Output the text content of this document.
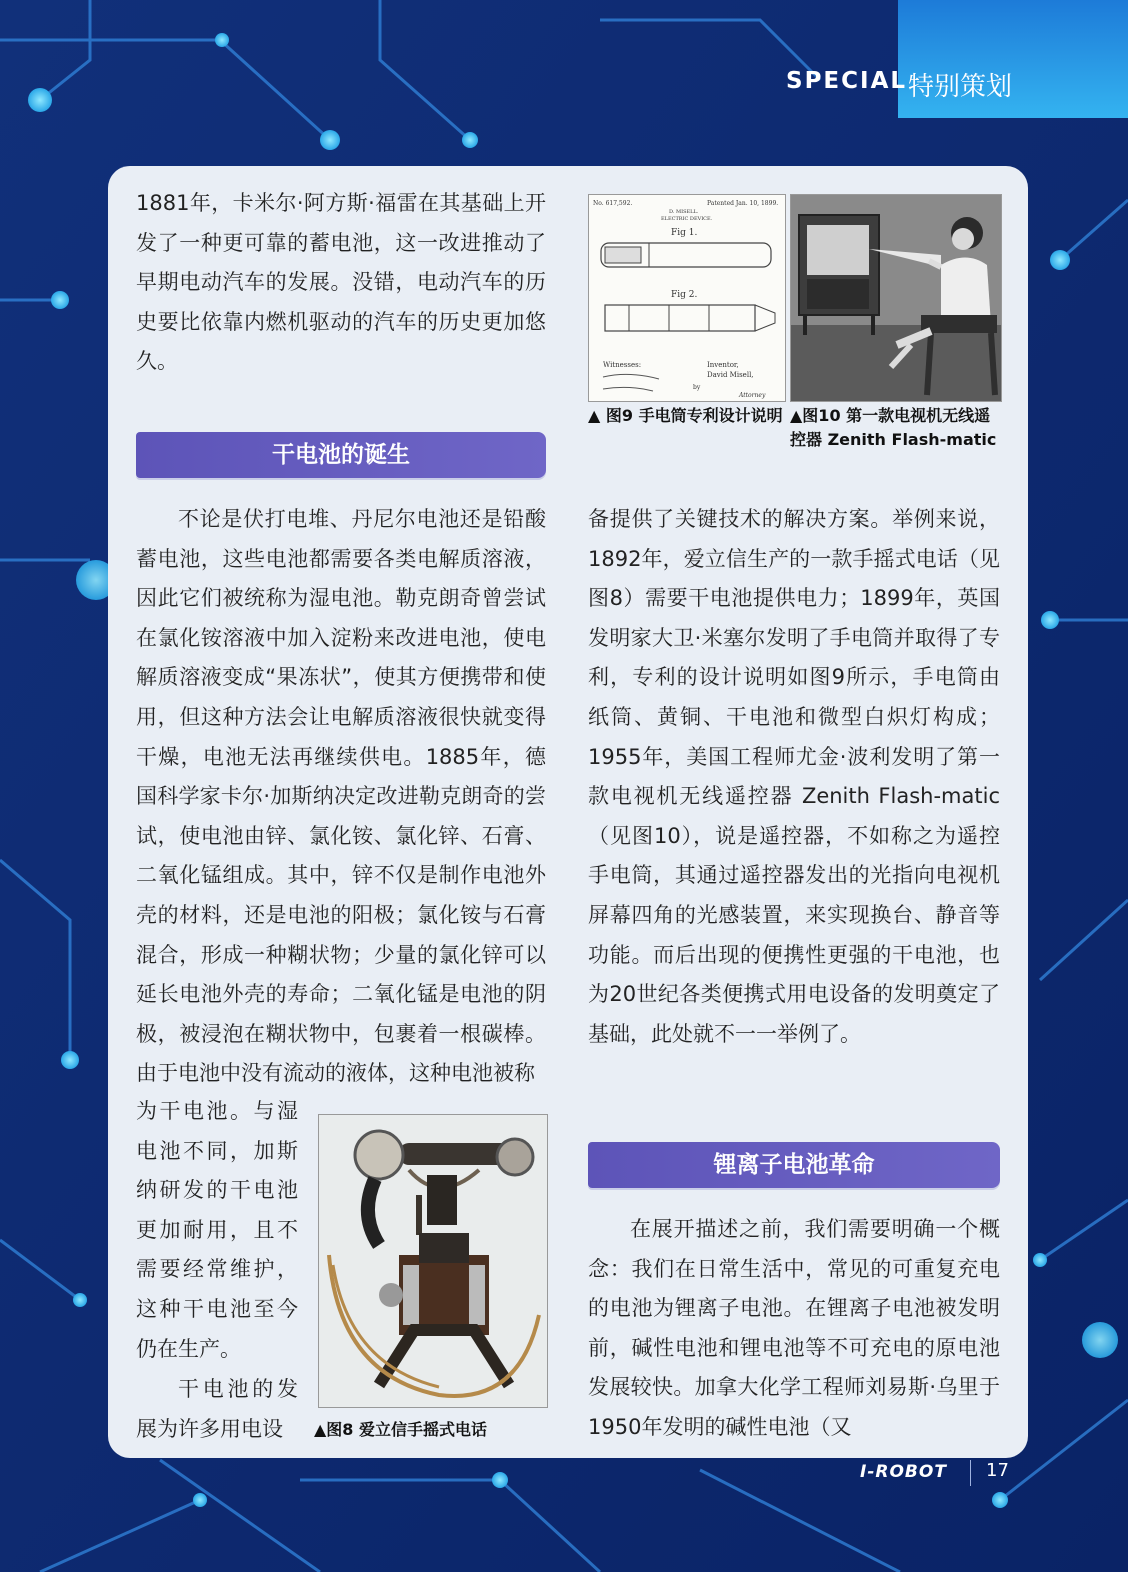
SPECIAL 特别策划

1881年，卡米尔·阿方斯·福雷在其基础上开发了一种更可靠的蓄电池，这一改进推动了早期电动汽车的发展。没错，电动汽车的历史要比依靠内燃机驱动的汽车的历史更加悠久。

干电池的诞生

不论是伏打电堆、丹尼尔电池还是铅酸蓄电池，这些电池都需要各类电解质溶液，因此它们被统称为湿电池。勒克朗奇曾尝试在氯化铵溶液中加入淀粉来改进电池，使电解质溶液变成“果冻状”，使其方便携带和使用，但这种方法会让电解质溶液很快就变得干燥，电池无法再继续供电。1885年，德国科学家卡尔·加斯纳决定改进勒克朗奇的尝试，使电池由锌、氯化铵、氯化锌、石膏、二氧化锰组成。其中，锌不仅是制作电池外壳的材料，还是电池的阳极；氯化铵与石膏混合，形成一种糊状物；少量的氯化锌可以延长电池外壳的寿命；二氧化锰是电池的阴极，被浸泡在糊状物中，包裹着一根碳棒。由于电池中没有流动的液体，这种电池被称

为干电池。与湿电池不同，加斯纳研发的干电池更加耐用，且不需要经常维护，这种干电池至今仍在生产。

干电池的发展为许多用电设	▲图8 爱立信手摇式电话
No. 617,592.	Patented Jan. 10, 1899.
D. MISELL.
ELECTRIC DEVICE.
Fig 1.
Fig 2.
Witnesses:	Inventor,
David Misell,
by
Attorney
▲ 图9 手电筒专利设计说明 ▲图10 第一款电视机无线遥控器 Zenith Flash-matic

备提供了关键技术的解决方案。举例来说，1892年，爱立信生产的一款手摇式电话（见图8）需要干电池提供电力；1899年，英国发明家大卫·米塞尔发明了手电筒并取得了专利，专利的设计说明如图9所示，手电筒由纸筒、黄铜、干电池和微型白炽灯构成；1955年，美国工程师尤金·波利发明了第一款电视机无线遥控器 Zenith Flash-matic（见图10），说是遥控器，不如称之为遥控手电筒，其通过遥控器发出的光指向电视机屏幕四角的光感装置，来实现换台、静音等功能。而后出现的便携性更强的干电池，也为20世纪各类便携式用电设备的发明奠定了基础，此处就不一一举例了。

锂离子电池革命

在展开描述之前，我们需要明确一个概念：我们在日常生活中，常见的可重复充电的电池为锂离子电池。在锂离子电池被发明前，碱性电池和锂电池等不可充电的原电池发展较快。加拿大化学工程师刘易斯·乌里于1950年发明的碱性电池（又

I-ROBOT 17
